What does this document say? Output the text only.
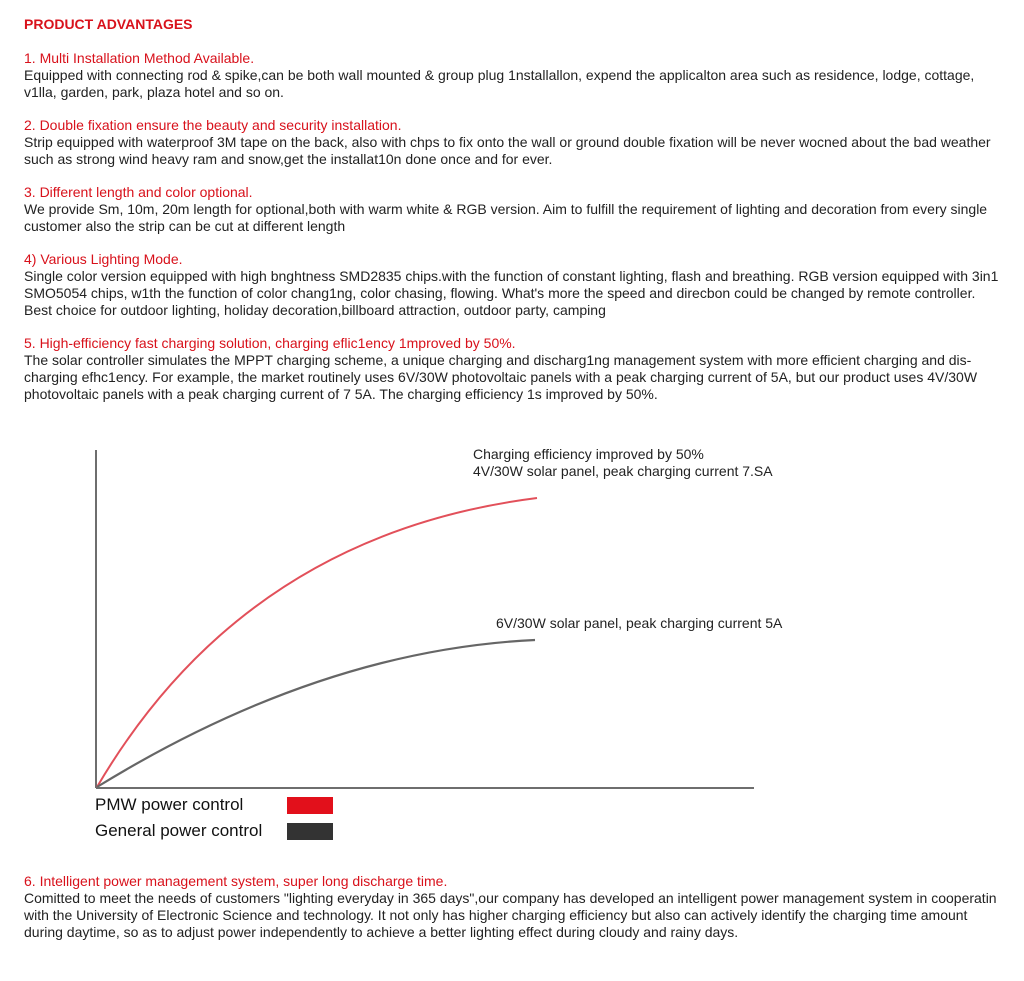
PRODUCT ADVANTAGES
1. Multi Installation Method Available.
Equipped with connecting rod & spike,can be both wall mounted & group plug 1nstallallon, expend the applicalton area such as residence, lodge, cottage,
v1lla, garden, park, plaza hotel and so on.
2. Double fixation ensure the beauty and security installation.
Strip equipped with waterproof 3M tape on the back, also with chps to fix onto the wall or ground double fixation will be never wocned about the bad weather
such as strong wind heavy ram and snow,get the installat10n done once and for ever.
3. Different length and color optional.
We provide Sm, 10m, 20m length for optional,both with warm white & RGB version. Aim to fulfill the requirement of lighting and decoration from every single
customer also the strip can be cut at different length
4) Various Lighting Mode.
Single color version equipped with high bnghtness SMD2835 chips.with the function of constant lighting, flash and breathing. RGB version equipped with 3in1
SMO5054 chips, w1th the function of color chang1ng, color chasing, flowing. What's more the speed and direcbon could be changed by remote controller.
Best choice for outdoor lighting, holiday decoration,billboard attraction, outdoor party, camping
5. High-efficiency fast charging solution, charging eflic1ency 1mproved by 50%.
The solar controller simulates the MPPT charging scheme, a unique charging and discharg1ng management system with more efficient charging and dis-
charging efhc1ency. For example, the market routinely uses 6V/30W photovoltaic panels with a peak charging current of 5A, but our product uses 4V/30W
photovoltaic panels with a peak charging current of 7 5A. The charging efficiency 1s improved by 50%.
Charging efficiency improved by 50%
4V/30W solar panel, peak charging current 7.SA
6V/30W solar panel, peak charging current 5A
PMW power control
General power control
6. Intelligent power management system, super long discharge time.
Comitted to meet the needs of customers "lighting everyday in 365 days",our company has developed an intelligent power management system in cooperatin
with the University of Electronic Science and technology. It not only has higher charging efficiency but also can actively identify the charging time amount
during daytime, so as to adjust power independently to achieve a better lighting effect during cloudy and rainy days.
